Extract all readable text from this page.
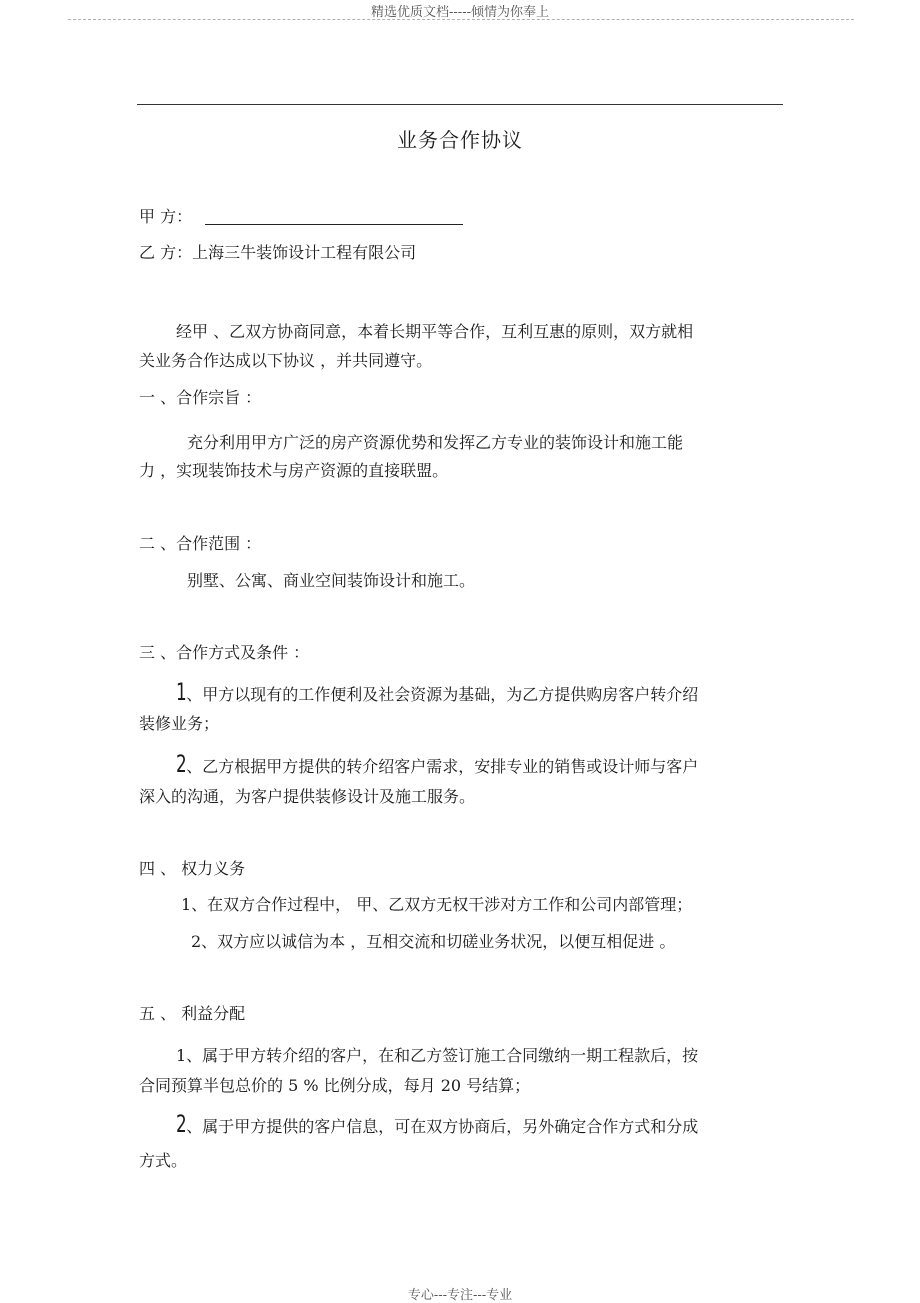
精选优质文档-----倾情为你奉上
业务合作协议
甲 方：
乙 方：上海三牛装饰设计工程有限公司
经甲 、乙双方协商同意，本着长期平等合作，互利互惠的原则，双方就相
关业务合作达成以下协议 ，并共同遵守。
一 、合作宗旨 ：
充分利用甲方广泛的房产资源优势和发挥乙方专业的装饰设计和施工能
力 ，实现装饰技术与房产资源的直接联盟。
二 、合作范围 ：
别墅、公寓、商业空间装饰设计和施工。
三 、合作方式及条件 ：
1、甲方以现有的工作便利及社会资源为基础，为乙方提供购房客户转介绍
装修业务；
2、乙方根据甲方提供的转介绍客户需求，安排专业的销售或设计师与客户
深入的沟通，为客户提供装修设计及施工服务。
四 、 权力义务
1、在双方合作过程中， 甲、乙双方无权干涉对方工作和公司内部管理；
2、双方应以诚信为本 ，互相交流和切磋业务状况，以便互相促进 。
五 、 利益分配
1、属于甲方转介绍的客户，在和乙方签订施工合同缴纳一期工程款后，按
合同预算半包总价的 5 % 比例分成，每月 20 号结算；
2、属于甲方提供的客户信息，可在双方协商后，另外确定合作方式和分成
方式。
专心---专注---专业
